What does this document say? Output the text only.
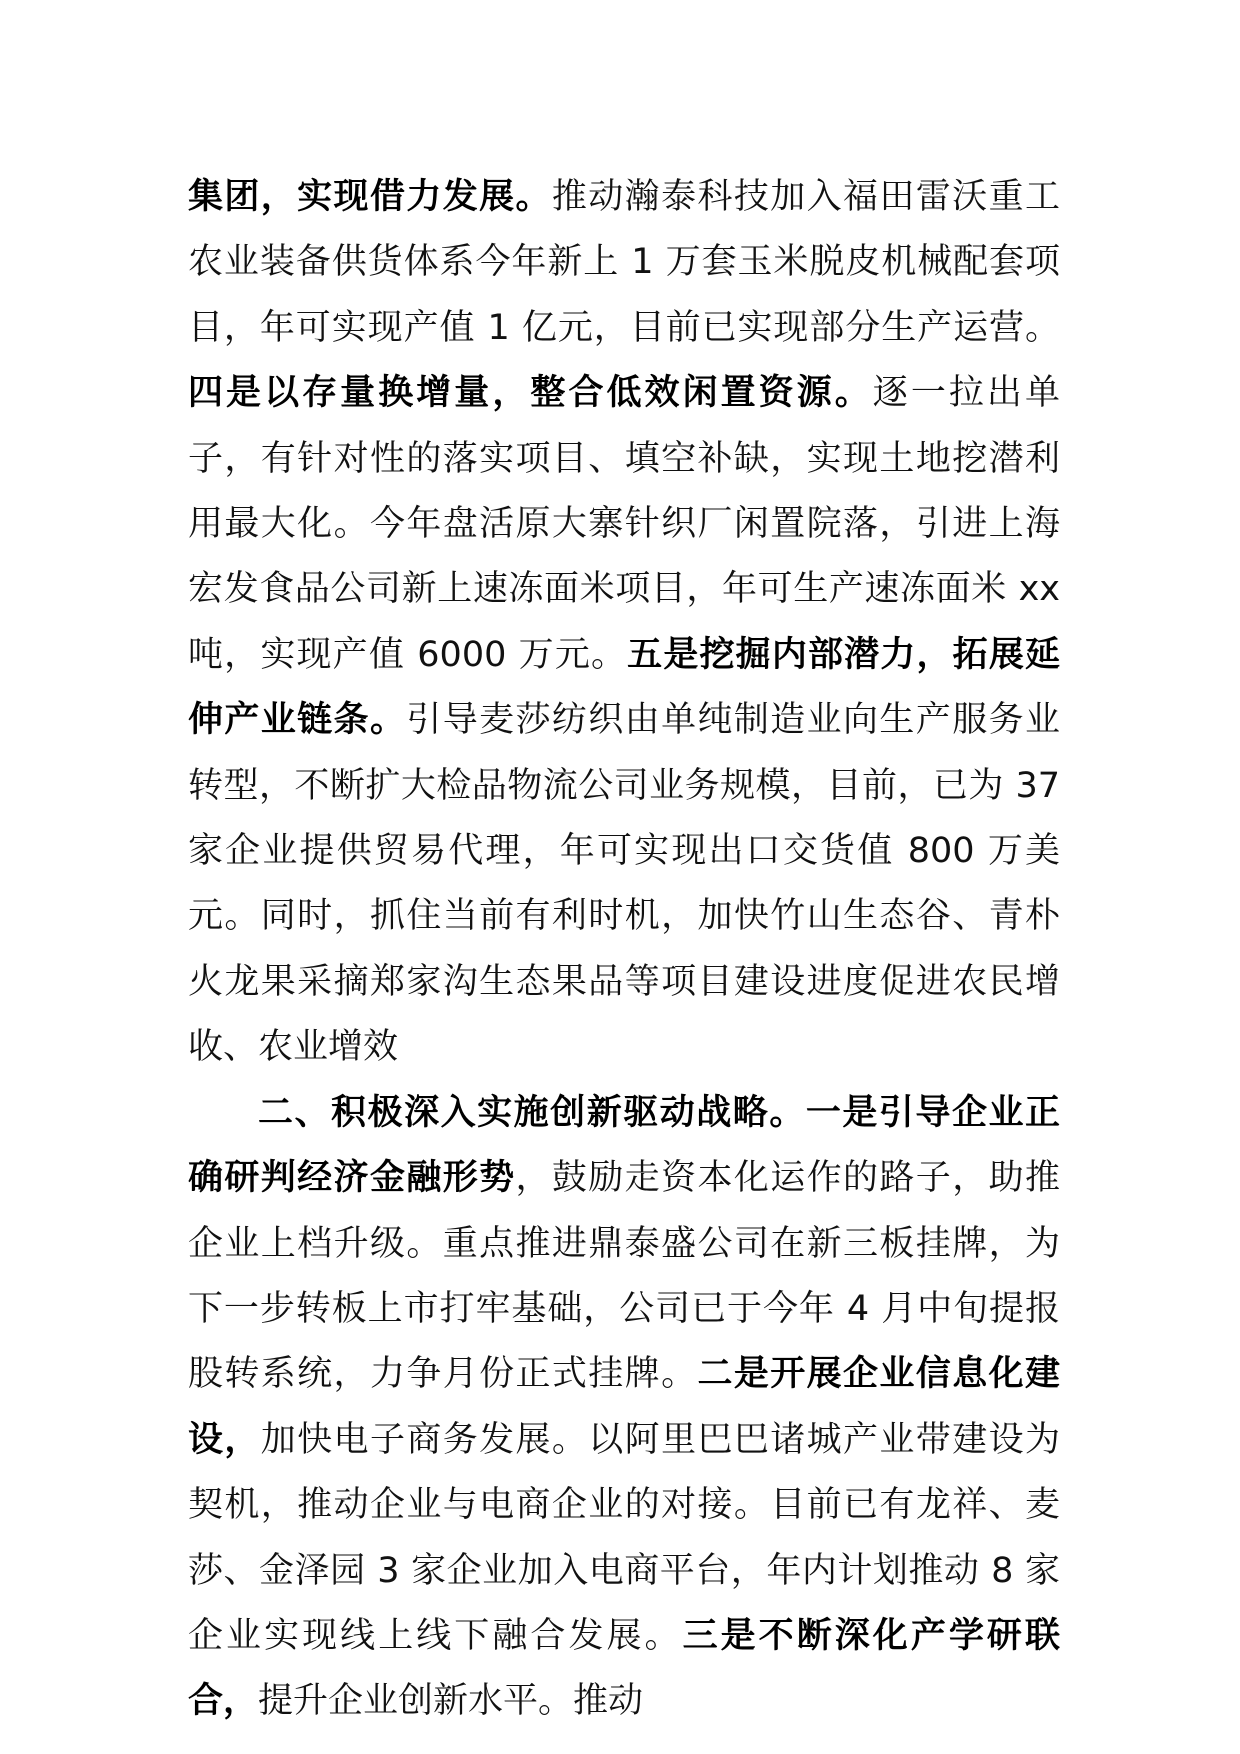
集团，实现借力发展。推动瀚泰科技加入福田雷沃重工农业装备供货体系今年新上 1 万套玉米脱皮机械配套项目，年可实现产值 1 亿元，目前已实现部分生产运营。四是以存量换增量，整合低效闲置资源。逐一拉出单子，有针对性的落实项目、填空补缺，实现土地挖潜利用最大化。今年盘活原大寨针织厂闲置院落，引进上海宏发食品公司新上速冻面米项目，年可生产速冻面米 xx 吨，实现产值 6000 万元。五是挖掘内部潜力，拓展延伸产业链条。引导麦莎纺织由单纯制造业向生产服务业转型，不断扩大检品物流公司业务规模，目前，已为 37 家企业提供贸易代理，年可实现出口交货值 800 万美元。同时，抓住当前有利时机，加快竹山生态谷、青朴火龙果采摘郑家沟生态果品等项目建设进度促进农民增收、农业增效

二、积极深入实施创新驱动战略。一是引导企业正确研判经济金融形势，鼓励走资本化运作的路子，助推企业上档升级。重点推进鼎泰盛公司在新三板挂牌，为下一步转板上市打牢基础，公司已于今年 4 月中旬提报股转系统，力争月份正式挂牌。二是开展企业信息化建设，加快电子商务发展。以阿里巴巴诸城产业带建设为契机，推动企业与电商企业的对接。目前已有龙祥、麦莎、金泽园 3 家企业加入电商平台，年内计划推动 8 家企业实现线上线下融合发展。三是不断深化产学研联合，提升企业创新水平。推动
